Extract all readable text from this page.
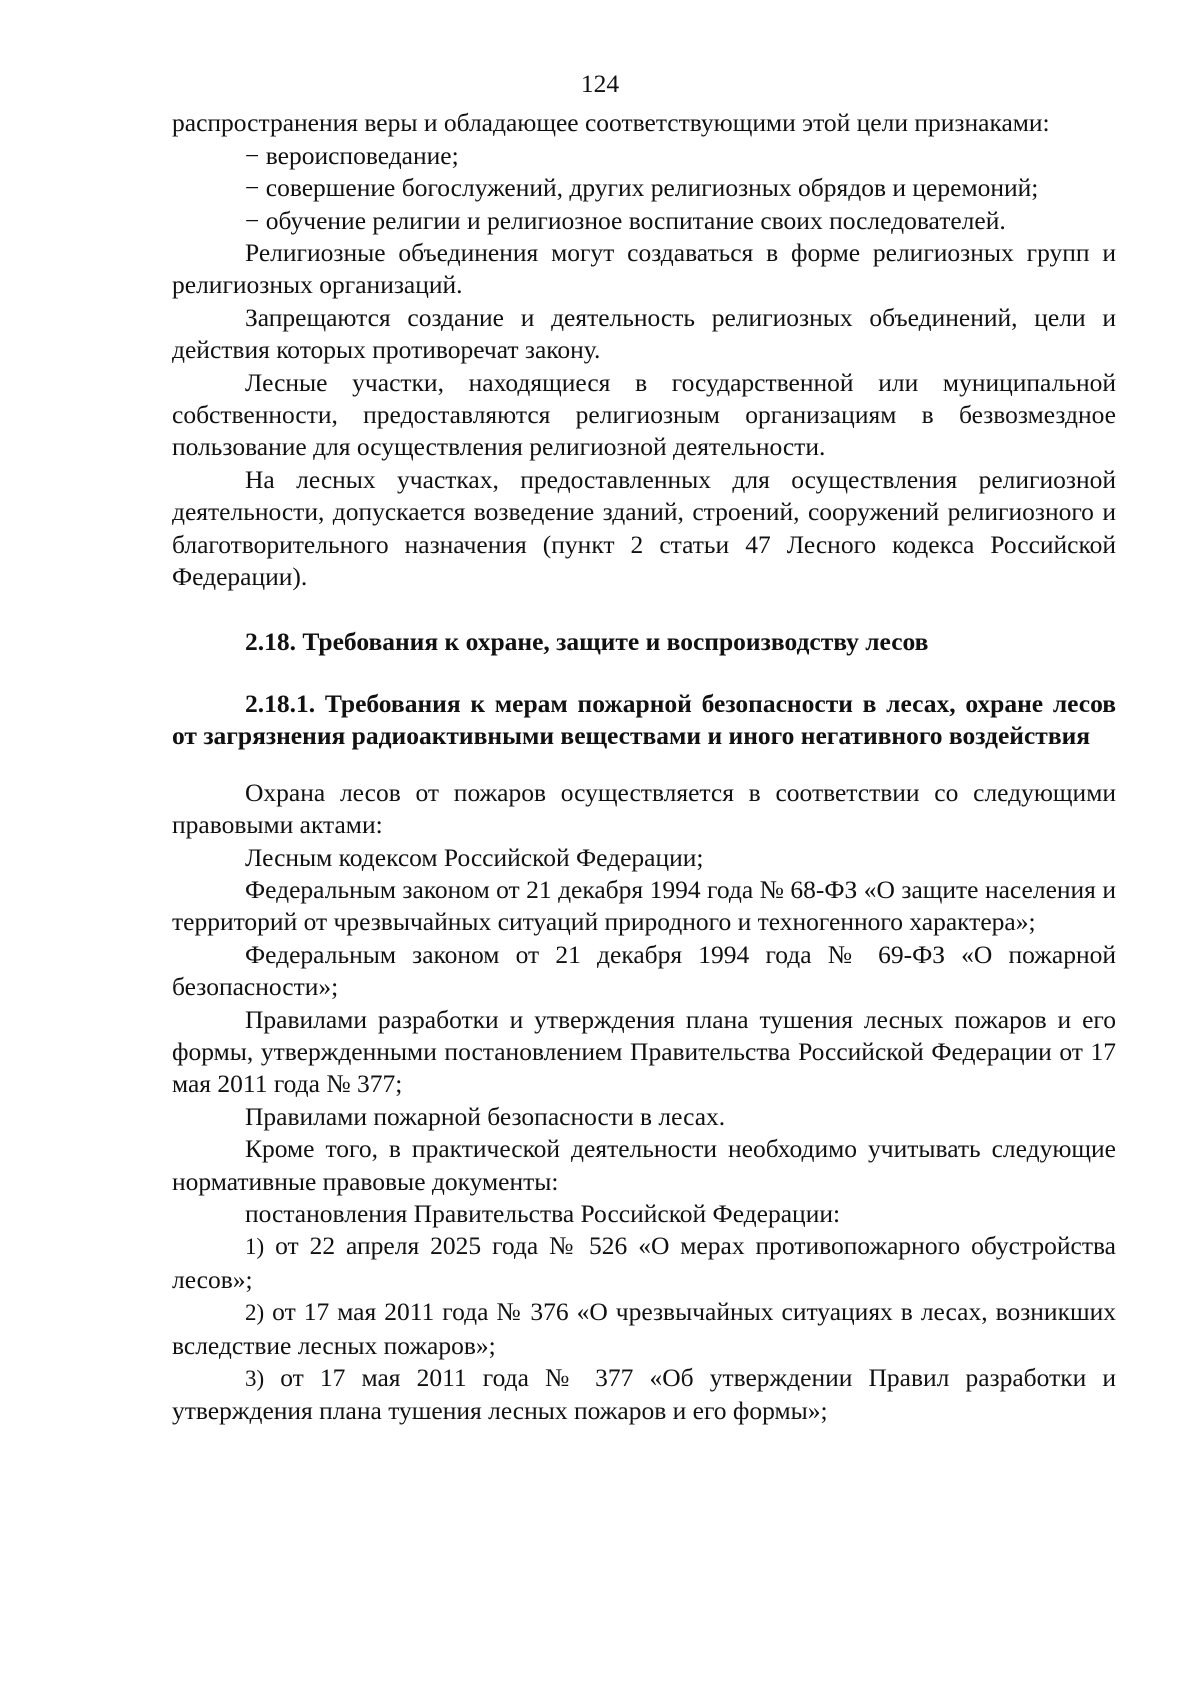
124

распространения веры и обладающее соответствующими этой цели признаками:

− вероисповедание;

− совершение богослужений, других религиозных обрядов и церемоний;

− обучение религии и религиозное воспитание своих последователей.

Религиозные объединения могут создаваться в форме религиозных групп и религиозных организаций.

Запрещаются создание и деятельность религиозных объединений, цели и действия которых противоречат закону.

Лесные участки, находящиеся в государственной или муниципальной собственности, предоставляются религиозным организациям в безвозмездное пользование для осуществления религиозной деятельности.

На лесных участках, предоставленных для осуществления религиозной деятельности, допускается возведение зданий, строений, сооружений религиозного и благотворительного назначения (пункт 2 статьи 47 Лесного кодекса Российской Федерации).

2.18. Требования к охране, защите и воспроизводству лесов

2.18.1. Требования к мерам пожарной безопасности в лесах, охране лесов от загрязнения радиоактивными веществами и иного негативного воздействия

Охрана лесов от пожаров осуществляется в соответствии со следующими правовыми актами:

Лесным кодексом Российской Федерации;

Федеральным законом от 21 декабря 1994 года № 68-ФЗ «О защите населения и территорий от чрезвычайных ситуаций природного и техногенного характера»;

Федеральным законом от 21 декабря 1994 года № 69-ФЗ «О пожарной безопасности»;

Правилами разработки и утверждения плана тушения лесных пожаров и его формы, утвержденными постановлением Правительства Российской Федерации от 17 мая 2011 года № 377;

Правилами пожарной безопасности в лесах.

Кроме того, в практической деятельности необходимо учитывать следующие нормативные правовые документы:

постановления Правительства Российской Федерации:

1) от 22 апреля 2025 года № 526 «О мерах противопожарного обустройства лесов»;

2) от 17 мая 2011 года № 376 «О чрезвычайных ситуациях в лесах, возникших вследствие лесных пожаров»;

3) от 17 мая 2011 года № 377 «Об утверждении Правил разработки и утверждения плана тушения лесных пожаров и его формы»;
